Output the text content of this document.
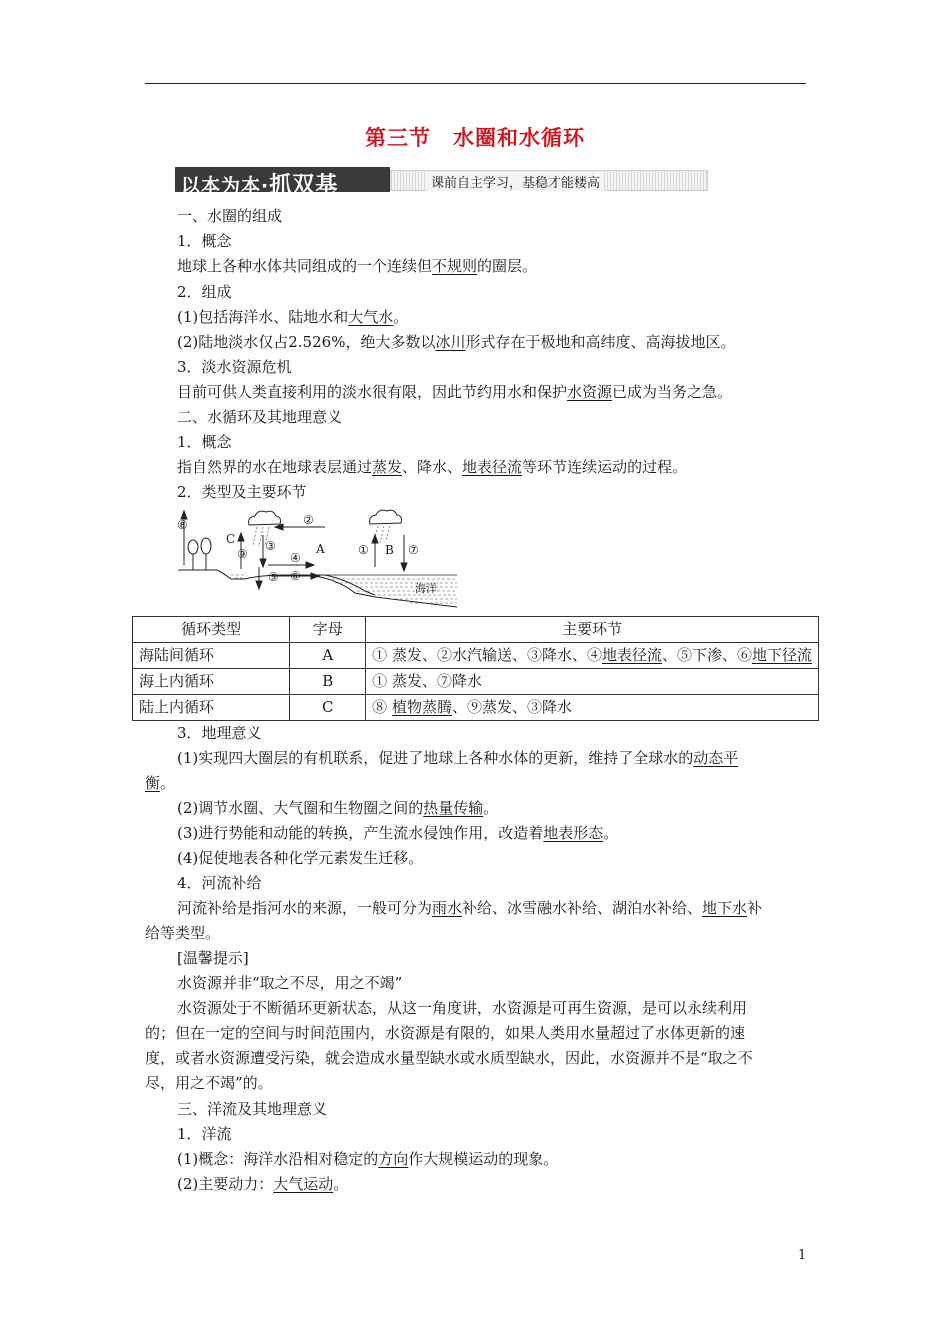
第三节　水圈和水循环
以本为本·抓双基	课前自主学习，基稳才能楼高
一、水圈的组成
1．概念
地球上各种水体共同组成的一个连续但不规则的圈层。
2．组成
(1)包括海洋水、陆地水和大气水。
(2)陆地淡水仅占2.526%，绝大多数以冰川形式存在于极地和高纬度、高海拔地区。
3．淡水资源危机
目前可供人类直接利用的淡水很有限，因此节约用水和保护水资源已成为当务之急。
二、水循环及其地理意义
1．概念
指自然界的水在地球表层通过蒸发、降水、地表径流等环节连续运动的过程。
2．类型及主要环节
⑧
C
⑨
③
②
④
A
⑤ ⑥
① B ⑦
海洋
循环类型	字母	主要环节
海陆间循环	A	① 蒸发、②水汽输送、③降水、④地表径流、⑤下渗、⑥地下径流
海上内循环	B	① 蒸发、⑦降水
陆上内循环	C	⑧ 植物蒸腾、⑨蒸发、③降水
3．地理意义
(1)实现四大圈层的有机联系，促进了地球上各种水体的更新，维持了全球水的动态平
衡。
(2)调节水圈、大气圈和生物圈之间的热量传输。
(3)进行势能和动能的转换，产生流水侵蚀作用，改造着地表形态。
(4)促使地表各种化学元素发生迁移。
4．河流补给
河流补给是指河水的来源，一般可分为雨水补给、冰雪融水补给、湖泊水补给、地下水补
给等类型。
[温馨提示]
水资源并非“取之不尽，用之不竭”
水资源处于不断循环更新状态，从这一角度讲，水资源是可再生资源，是可以永续利用
的；但在一定的空间与时间范围内，水资源是有限的，如果人类用水量超过了水体更新的速
度，或者水资源遭受污染，就会造成水量型缺水或水质型缺水，因此，水资源并不是“取之不
尽，用之不竭”的。
三、洋流及其地理意义
1．洋流
(1)概念：海洋水沿相对稳定的方向作大规模运动的现象。
(2)主要动力：大气运动。
1
